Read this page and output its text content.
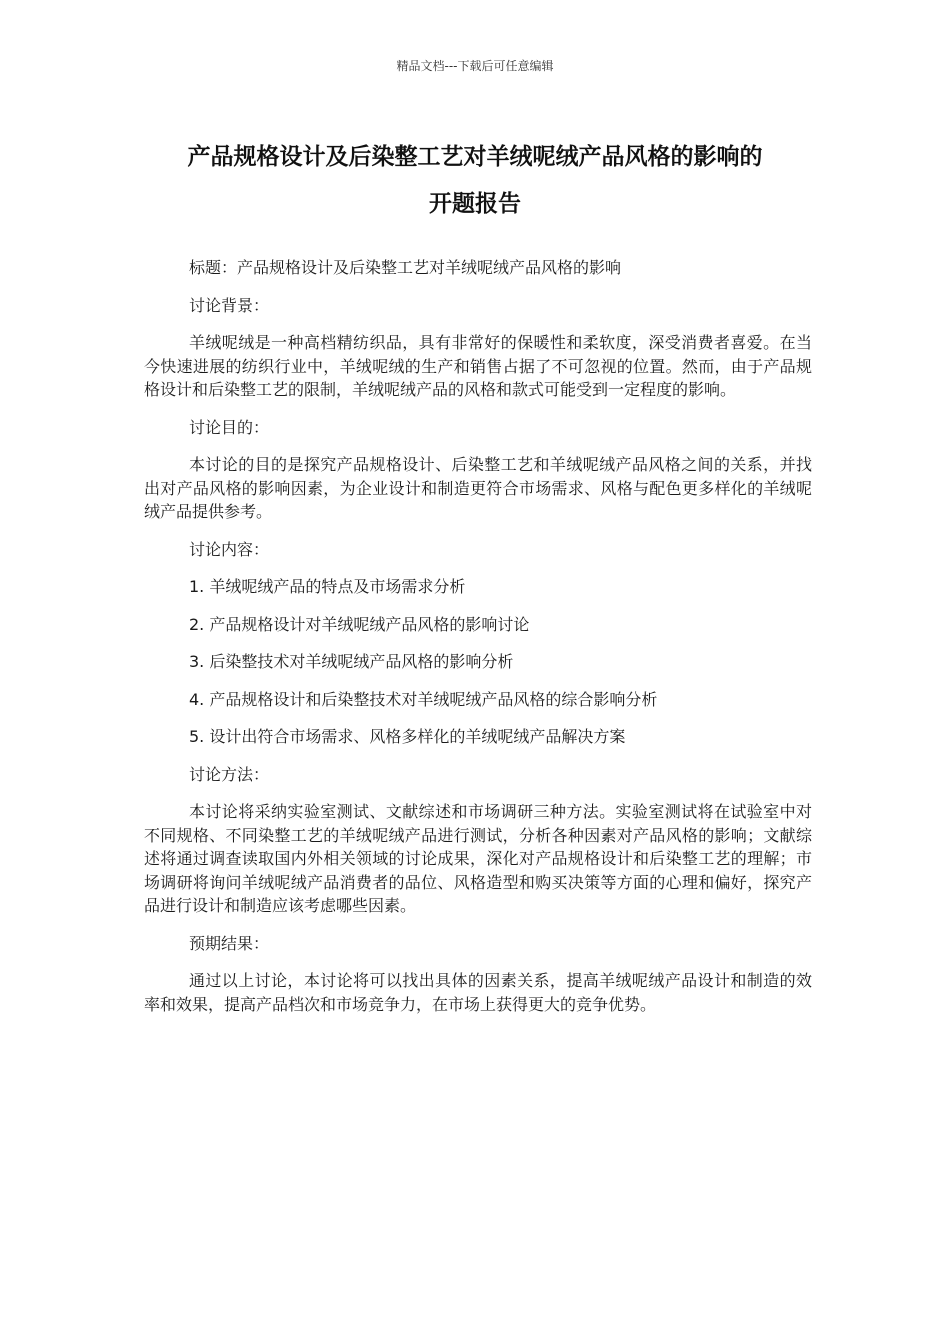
精品文档---下载后可任意编辑
产品规格设计及后染整工艺对羊绒呢绒产品风格的影响的
开题报告

标题：产品规格设计及后染整工艺对羊绒呢绒产品风格的影响

讨论背景：

羊绒呢绒是一种高档精纺织品，具有非常好的保暖性和柔软度，深受消费者喜爱。在当今快速进展的纺织行业中，羊绒呢绒的生产和销售占据了不可忽视的位置。然而，由于产品规格设计和后染整工艺的限制，羊绒呢绒产品的风格和款式可能受到一定程度的影响。

讨论目的：

本讨论的目的是探究产品规格设计、后染整工艺和羊绒呢绒产品风格之间的关系，并找出对产品风格的影响因素，为企业设计和制造更符合市场需求、风格与配色更多样化的羊绒呢绒产品提供参考。

讨论内容：

1. 羊绒呢绒产品的特点及市场需求分析

2. 产品规格设计对羊绒呢绒产品风格的影响讨论

3. 后染整技术对羊绒呢绒产品风格的影响分析

4. 产品规格设计和后染整技术对羊绒呢绒产品风格的综合影响分析

5. 设计出符合市场需求、风格多样化的羊绒呢绒产品解决方案

讨论方法：

本讨论将采纳实验室测试、文献综述和市场调研三种方法。实验室测试将在试验室中对不同规格、不同染整工艺的羊绒呢绒产品进行测试，分析各种因素对产品风格的影响；文献综述将通过调查读取国内外相关领域的讨论成果，深化对产品规格设计和后染整工艺的理解；市场调研将询问羊绒呢绒产品消费者的品位、风格造型和购买决策等方面的心理和偏好，探究产品进行设计和制造应该考虑哪些因素。

预期结果：

通过以上讨论，本讨论将可以找出具体的因素关系，提高羊绒呢绒产品设计和制造的效率和效果，提高产品档次和市场竞争力，在市场上获得更大的竞争优势。
